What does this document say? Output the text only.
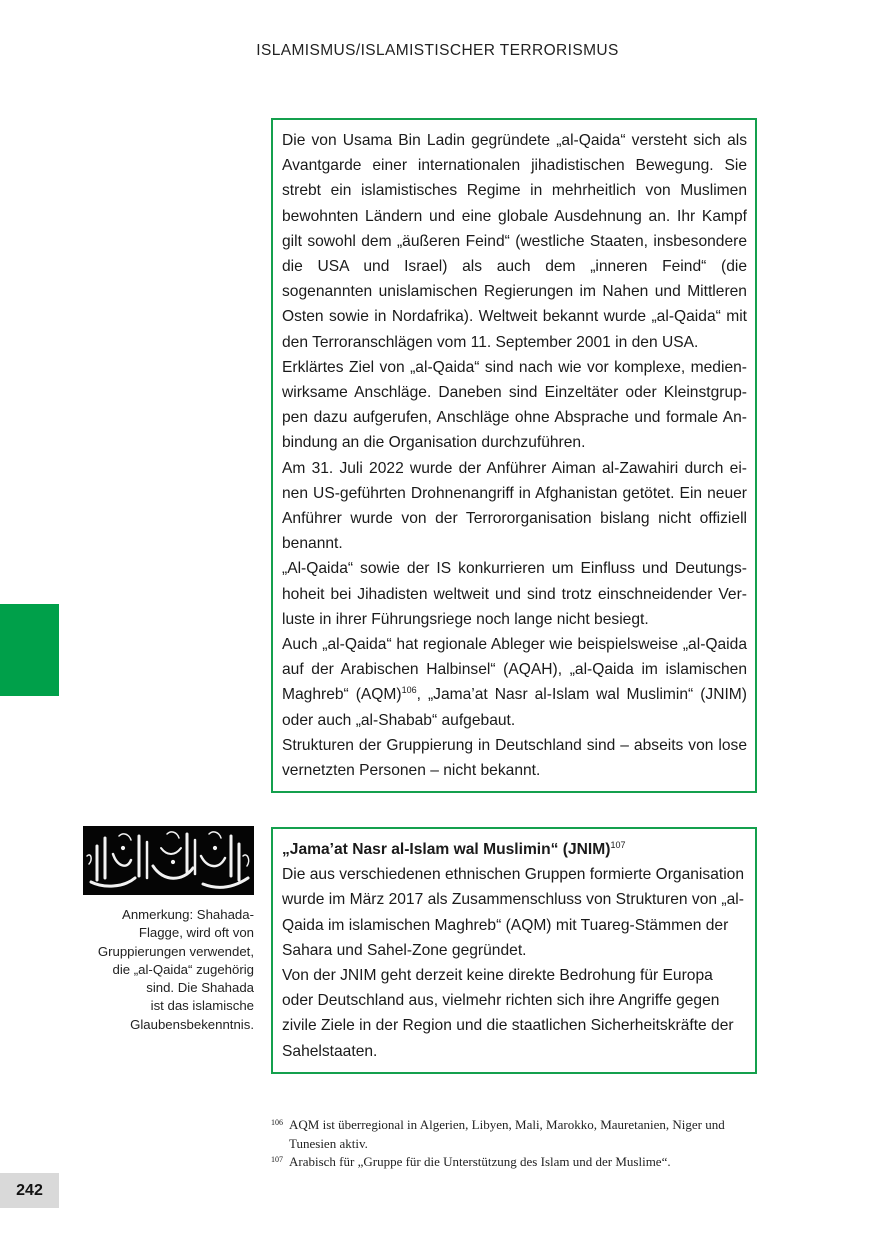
ISLAMISMUS/ISLAMISTISCHER TERRORISMUS

Die von Usama Bin Ladin gegründete „al-Qaida“ versteht sich als Avantgarde einer internationalen jihadistischen Bewegung. Sie strebt ein islamistisches Regime in mehrheitlich von Muslimen bewohnten Ländern und eine globale Ausdehnung an. Ihr Kampf gilt sowohl dem „äußeren Feind“ (westliche Staaten, insbesondere die USA und Israel) als auch dem „inneren Feind“ (die sogenannten unislamischen Regierungen im Nahen und Mittleren Osten sowie in Nordafrika). Weltweit bekannt wurde „al-Qaida“ mit den Terroranschlägen vom 11. September 2001 in den USA.

Erklärtes Ziel von „al-Qaida“ sind nach wie vor komplexe, medienwirksame Anschläge. Daneben sind Einzeltäter oder Kleinstgruppen dazu aufgerufen, Anschläge ohne Absprache und formale Anbindung an die Organisation durchzuführen.

Am 31. Juli 2022 wurde der Anführer Aiman al-Zawahiri durch einen US-geführten Drohnenangriff in Afghanistan getötet. Ein neuer Anführer wurde von der Terrororganisation bislang nicht offiziell benannt.

„Al-Qaida“ sowie der IS konkurrieren um Einfluss und Deutungshoheit bei Jihadisten weltweit und sind trotz einschneidender Verluste in ihrer Führungsriege noch lange nicht besiegt.

Auch „al-Qaida“ hat regionale Ableger wie beispielsweise „al-Qaida auf der Arabischen Halbinsel“ (AQAH), „al-Qaida im islamischen Maghreb“ (AQM)$^{106}$, „Jama’at Nasr al-Islam wal Muslimin“ (JNIM) oder auch „al-Shabab“ aufgebaut.

Strukturen der Gruppierung in Deutschland sind – abseits von lose vernetzten Personen – nicht bekannt.

Anmerkung: Shahada-
Flagge, wird oft von
Gruppierungen verwendet,
die „al-Qaida“ zugehörig
sind. Die Shahada
ist das islamische
Glaubensbekenntnis.

„Jama’at Nasr al-Islam wal Muslimin“ (JNIM)$^{107}$

Die aus verschiedenen ethnischen Gruppen formierte Organisation wurde im März 2017 als Zusammenschluss von Strukturen von „al-Qaida im islamischen Maghreb“ (AQM) mit Tuareg-Stämmen der Sahara und Sahel-Zone gegründet.

Von der JNIM geht derzeit keine direkte Bedrohung für Europa oder Deutschland aus, vielmehr richten sich ihre Angriffe gegen zivile Ziele in der Region und die staatlichen Sicherheitskräfte der Sahelstaaten.

106 AQM ist überregional in Algerien, Libyen, Mali, Marokko, Mauretanien, Niger und Tunesien aktiv.
107 Arabisch für „Gruppe für die Unterstützung des Islam und der Muslime“.
242
